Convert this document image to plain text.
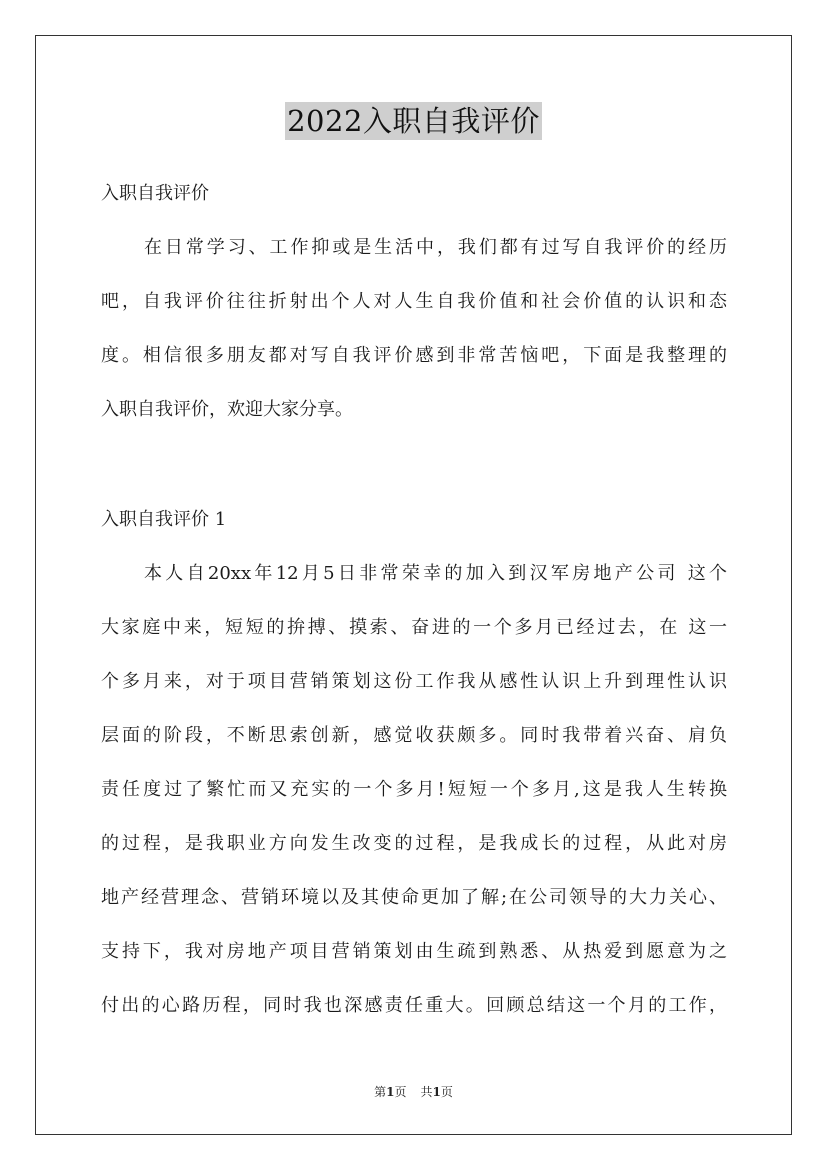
2022入职自我评价
入职自我评价
在日常学习、工作抑或是生活中，我们都有过写自我评价的经历
吧，自我评价往往折射出个人对人生自我价值和社会价值的认识和态
度。相信很多朋友都对写自我评价感到非常苦恼吧，下面是我整理的
入职自我评价，欢迎大家分享。
入职自我评价 1
本人自20xx年12月5日非常荣幸的加入到汉军房地产公司 这个
大家庭中来，短短的拚搏、摸索、奋进的一个多月已经过去，在 这一
个多月来，对于项目营销策划这份工作我从感性认识上升到理性认识
层面的阶段，不断思索创新，感觉收获颇多。同时我带着兴奋、肩负
责任度过了繁忙而又充实的一个多月!短短一个多月,这是我人生转换
的过程，是我职业方向发生改变的过程，是我成长的过程，从此对房
地产经营理念、营销环境以及其使命更加了解;在公司领导的大力关心、
支持下，我对房地产项目营销策划由生疏到熟悉、从热爱到愿意为之
付出的心路历程，同时我也深感责任重大。回顾总结这一个月的工作，
第1页 共1页
